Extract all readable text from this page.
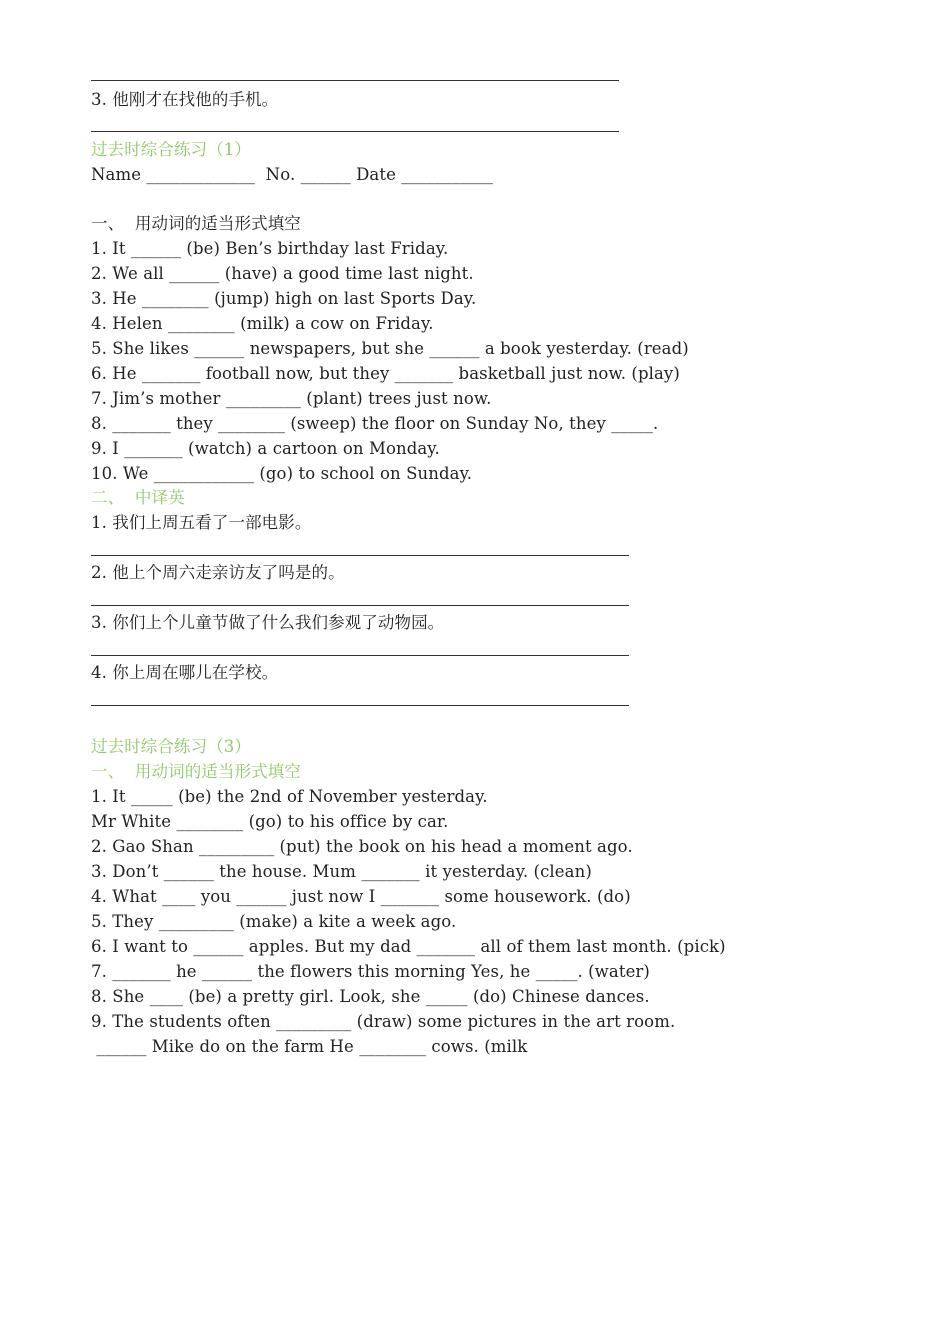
3. 他刚才在找他的手机。
过去时综合练习（1）
Name _____________  No. ______ Date ___________
一、  用动词的适当形式填空
1. It ______ (be) Ben’s birthday last Friday.
2. We all ______ (have) a good time last night.
3. He ________ (jump) high on last Sports Day.
4. Helen ________ (milk) a cow on Friday.
5. She likes ______ newspapers, but she ______ a book yesterday. (read)
6. He _______ football now, but they _______ basketball just now. (play)
7. Jim’s mother _________ (plant) trees just now.
8. _______ they ________ (sweep) the floor on Sunday No, they _____.
9. I _______ (watch) a cartoon on Monday.
10. We ____________ (go) to school on Sunday.
二、  中译英
1. 我们上周五看了一部电影。
2. 他上个周六走亲访友了吗是的。
3. 你们上个儿童节做了什么我们参观了动物园。
4. 你上周在哪儿在学校。
过去时综合练习（3）
一、  用动词的适当形式填空
1. It _____ (be) the 2nd of November yesterday.
Mr White ________ (go) to his office by car.
2. Gao Shan _________ (put) the book on his head a moment ago.
3. Don’t ______ the house. Mum _______ it yesterday. (clean)
4. What ____ you ______ just now I _______ some housework. (do)
5. They _________ (make) a kite a week ago.
6. I want to ______ apples. But my dad _______ all of them last month. (pick)
7. _______ he ______ the flowers this morning Yes, he _____. (water)
8. She ____ (be) a pretty girl. Look, she _____ (do) Chinese dances.
9. The students often _________ (draw) some pictures in the art room.
______ Mike do on the farm He ________ cows. (milk
